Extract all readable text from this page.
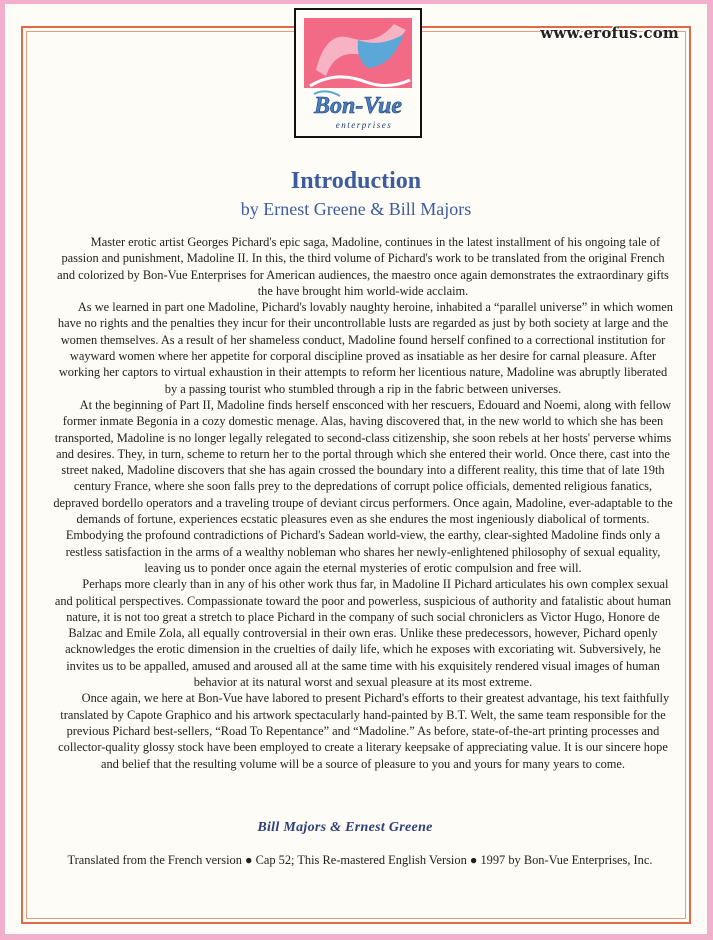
Bon-Vue
enterprises
www.erofus.com
Introduction
by Ernest Greene & Bill Majors

Master erotic artist Georges Pichard's epic saga, Madoline, continues in the latest installment of his ongoing tale of passion and punishment, Madoline II. In this, the third volume of Pichard's work to be translated from the original French and colorized by Bon-Vue Enterprises for American audiences, the maestro once again demonstrates the extraordinary gifts the have brought him world-wide acclaim.

As we learned in part one Madoline, Pichard's lovably naughty heroine, inhabited a “parallel universe” in which women have no rights and the penalties they incur for their uncontrollable lusts are regarded as just by both society at large and the women themselves. As a result of her shameless conduct, Madoline found herself confined to a correctional institution for wayward women where her appetite for corporal discipline proved as insatiable as her desire for carnal pleasure. After working her captors to virtual exhaustion in their attempts to reform her licentious nature, Madoline was abruptly liberated by a passing tourist who stumbled through a rip in the fabric between universes.

At the beginning of Part II, Madoline finds herself ensconced with her rescuers, Edouard and Noemi, along with fellow former inmate Begonia in a cozy domestic menage. Alas, having discovered that, in the new world to which she has been transported, Madoline is no longer legally relegated to second-class citizenship, she soon rebels at her hosts' perverse whims and desires. They, in turn, scheme to return her to the portal through which she entered their world. Once there, cast into the street naked, Madoline discovers that she has again crossed the boundary into a different reality, this time that of late 19th century France, where she soon falls prey to the depredations of corrupt police officials, demented religious fanatics, depraved bordello operators and a traveling troupe of deviant circus performers. Once again, Madoline, ever-adaptable to the demands of fortune, experiences ecstatic pleasures even as she endures the most ingeniously diabolical of torments. Embodying the profound contradictions of Pichard's Sadean world-view, the earthy, clear-sighted Madoline finds only a restless satisfaction in the arms of a wealthy nobleman who shares her newly-enlightened philosophy of sexual equality, leaving us to ponder once again the eternal mysteries of erotic compulsion and free will.

Perhaps more clearly than in any of his other work thus far, in Madoline II Pichard articulates his own complex sexual and political perspectives. Compassionate toward the poor and powerless, suspicious of authority and fatalistic about human nature, it is not too great a stretch to place Pichard in the company of such social chroniclers as Victor Hugo, Honore de Balzac and Emile Zola, all equally controversial in their own eras. Unlike these predecessors, however, Pichard openly acknowledges the erotic dimension in the cruelties of daily life, which he exposes with excoriating wit. Subversively, he invites us to be appalled, amused and aroused all at the same time with his exquisitely rendered visual images of human behavior at its natural worst and sexual pleasure at its most extreme.

Once again, we here at Bon-Vue have labored to present Pichard's efforts to their greatest advantage, his text faithfully translated by Capote Graphico and his artwork spectacularly hand-painted by B.T. Welt, the same team responsible for the previous Pichard best-sellers, “Road To Repentance” and “Madoline.” As before, state-of-the-art printing processes and collector-quality glossy stock have been employed to create a literary keepsake of appreciating value. It is our sincere hope and belief that the resulting volume will be a source of pleasure to you and yours for many years to come.

Bill Majors & Ernest Greene
Translated from the French version ● Cap 52; This Re-mastered English Version ● 1997 by Bon-Vue Enterprises, Inc.
